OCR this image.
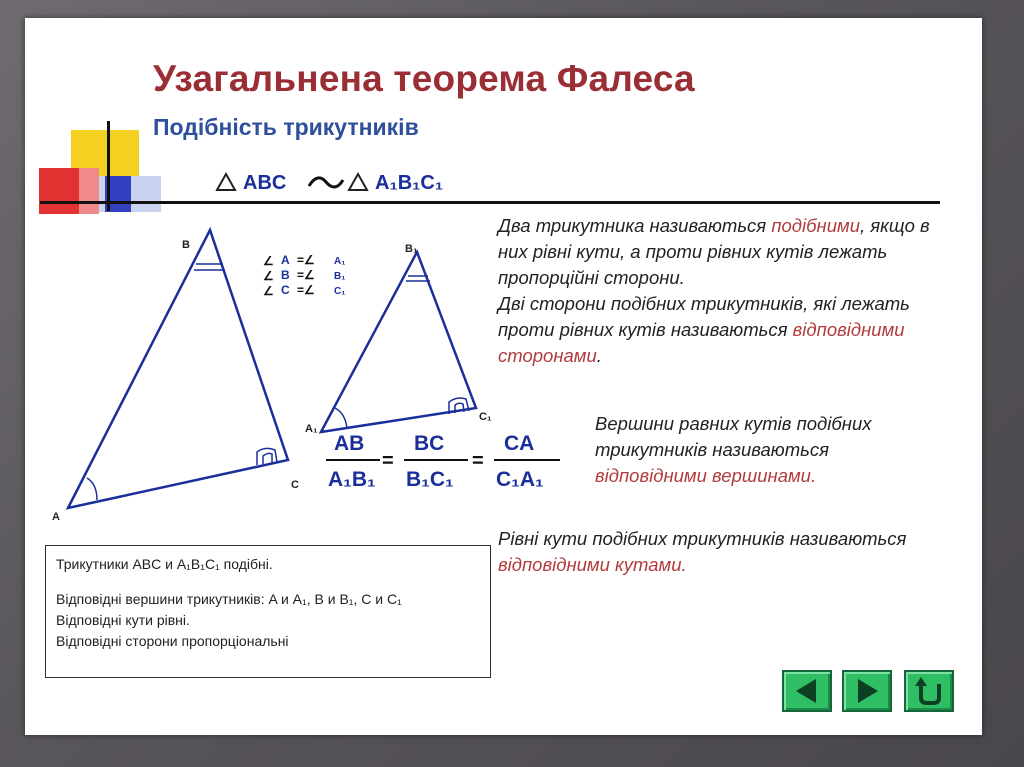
Узагальнена теорема Фалеса
Подібність трикутників
ABC	A₁B₁C₁
A
B
C
A₁
B₁
C₁
∠ A =∠ A₁
∠ B =∠ B₁
∠ C =∠ C₁
AB
A₁B₁
=
BC
B₁C₁
=
CA
C₁A₁

Два трикутника називаються подібними, якщо в них рівні кути, а проти рівних кутів лежать пропорційні сторони.
Дві сторони подібних трикутників, які лежать проти рівних кутів називаються відповідними сторонами.

Вершини равних кутів подібних трикутників називаються відповідними вершинами.

Рівні кути подібних трикутників називаються відповідними кутами.

Трикутники ABC и A₁B₁C₁ подібні.

Відповідні вершини трикутників: A и A₁, B и B₁, C и C₁

Відповідні кути рівні.

Відповідні сторони пропорціональні
